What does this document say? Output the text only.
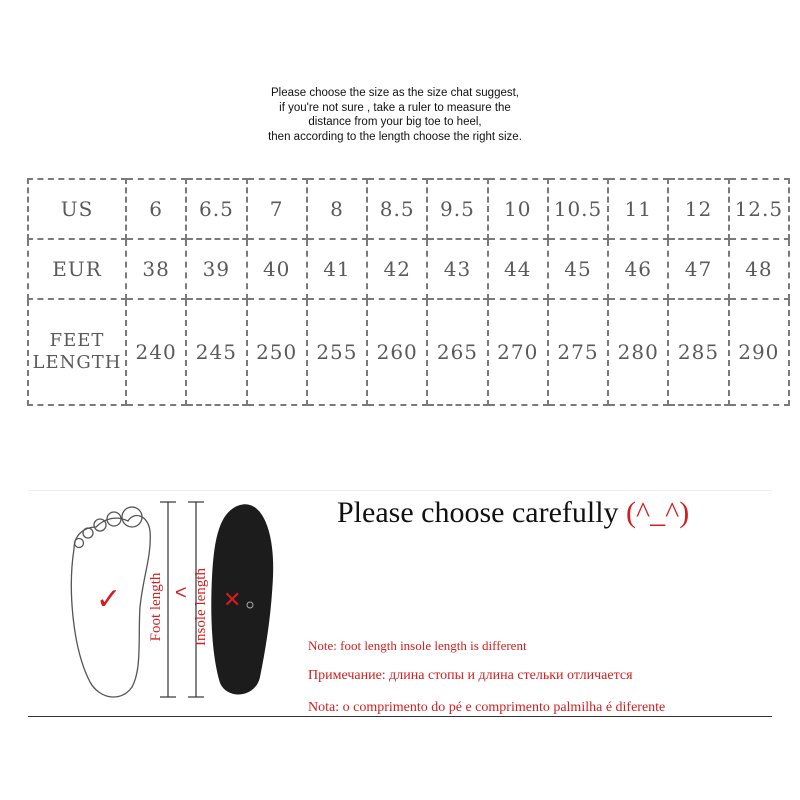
Please choose the size as the size chat suggest,
if you're not sure , take a ruler to measure the
distance from your big toe to heel,
then according to the length choose the right size.
US	6	6.5	7	8	8.5	9.5	10	10.5	11	12	12.5
EUR	38	39	40	41	42	43	44	45	46	47	48

FEET
LENGTH	240	245	250	255	260	265	270	275	280	285	290
Foot length Insole length
<
✓	✕
Please choose carefully (^_^)
Note: foot length insole length is different
Примечание: длина стопы и длина стельки отличается
Nota: o comprimento do pé e comprimento palmilha é diferente
